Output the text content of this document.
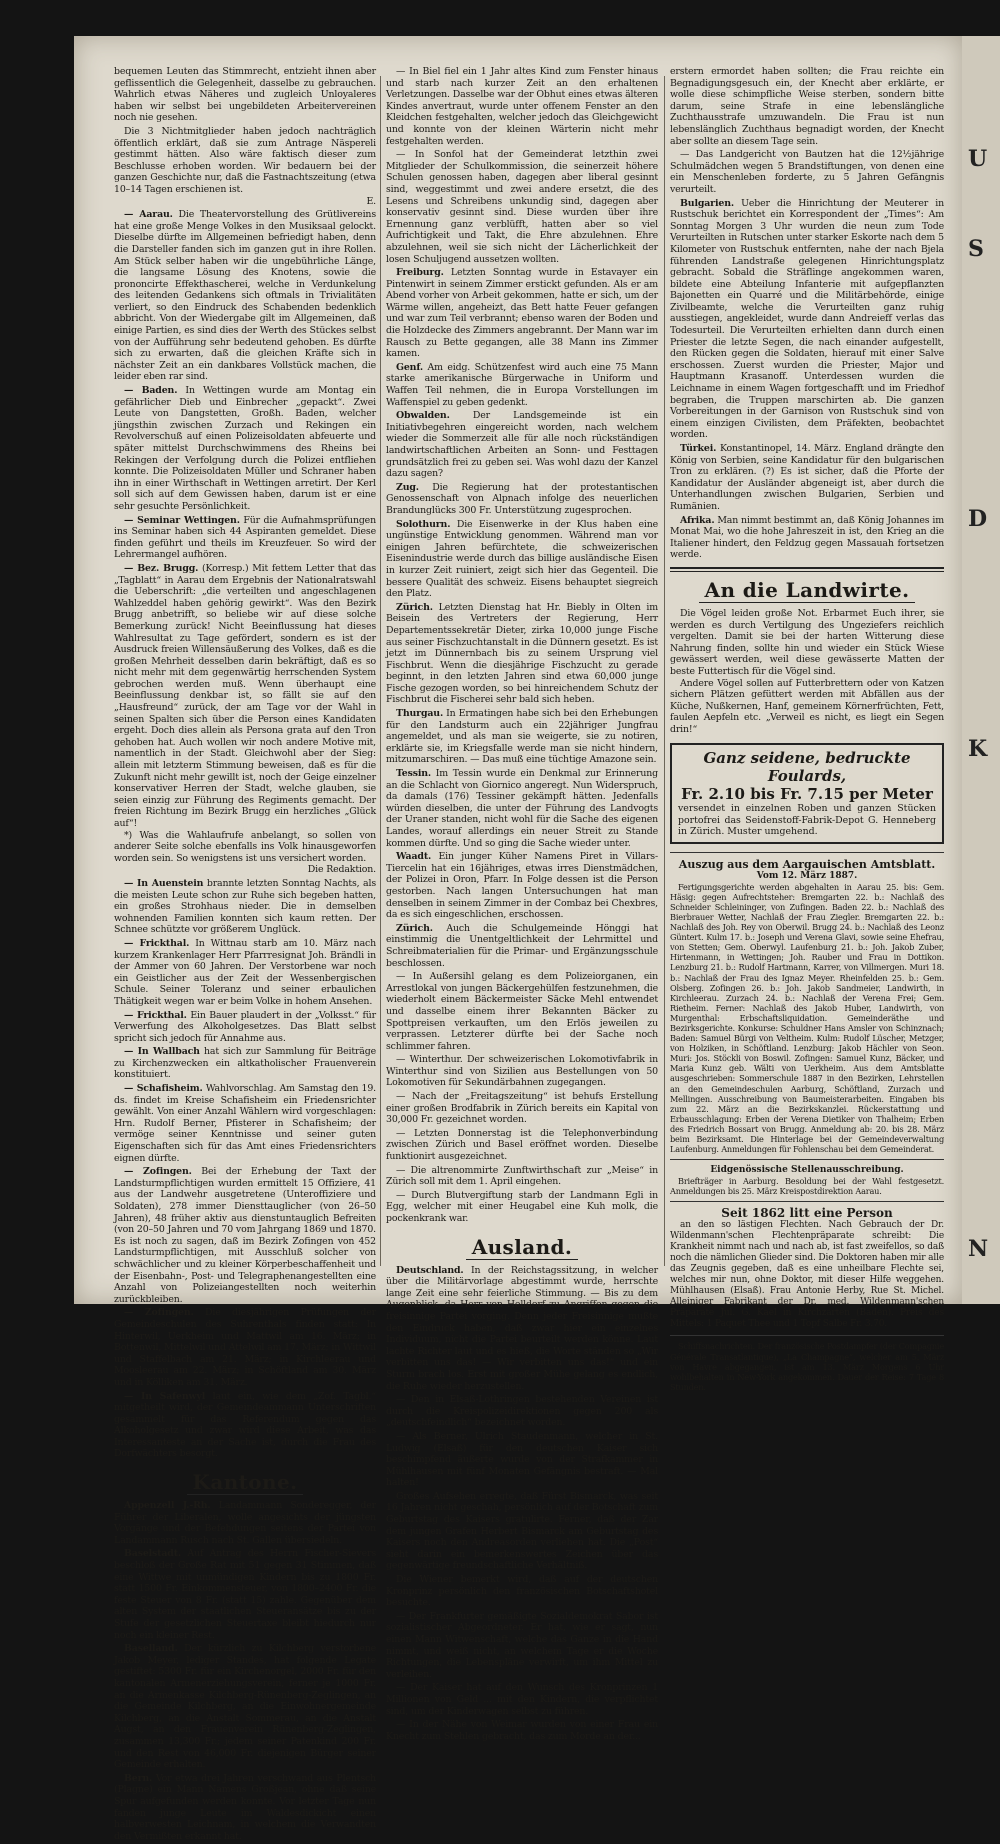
bequemen Leuten das Stimmrecht, entzieht ihnen aber geflissentlich die Gelegenheit, dasselbe zu gebrauchen. Wahrlich etwas Näheres und zugleich Unloyaleres haben wir selbst bei ungebildeten Arbeitervereinen noch nie gesehen.

Die 3 Nichtmitglieder haben jedoch nachträglich öffentlich erklärt, daß sie zum Antrage Näspereli gestimmt hätten. Also wäre faktisch dieser zum Beschlusse erhoben worden. Wir bedauern bei der ganzen Geschichte nur, daß die Fastnachtszeitung (etwa 10–14 Tagen erschienen ist.

E.

— Aarau. Die Theatervorstellung des Grütlivereins hat eine große Menge Volkes in den Musiksaal gelockt. Dieselbe dürfte im Allgemeinen befriedigt haben, denn die Darsteller fanden sich im ganzen gut in ihre Rollen. Am Stück selber haben wir die ungebührliche Länge, die langsame Lösung des Knotens, sowie die prononcirte Effekthascherei, welche in Verdunkelung des leitenden Gedankens sich oftmals in Trivialitäten verliert, so den Eindruck des Schabenden bedenklich abbricht. Von der Wiedergabe gilt im Allgemeinen, daß einige Partien, es sind dies der Werth des Stückes selbst von der Aufführung sehr bedeutend gehoben. Es dürfte sich zu erwarten, daß die gleichen Kräfte sich in nächster Zeit an ein dankbares Vollstück machen, die leider eben rar sind.

— Baden. In Wettingen wurde am Montag ein gefährlicher Dieb und Einbrecher „gepackt“. Zwei Leute von Dangstetten, Großh. Baden, welcher jüngsthin zwischen Zurzach und Rekingen ein Revolverschuß auf einen Polizeisoldaten abfeuerte und später mittelst Durchschwimmens des Rheins bei Rekingen der Verfolgung durch die Polizei entfliehen konnte. Die Polizeisoldaten Müller und Schraner haben ihn in einer Wirthschaft in Wettingen arretirt. Der Kerl soll sich auf dem Gewissen haben, darum ist er eine sehr gesuchte Persönlichkeit.

— Seminar Wettingen. Für die Aufnahmsprüfungen ins Seminar haben sich 44 Aspiranten gemeldet. Diese finden geführt und theils im Kreuzfeuer. So wird der Lehrermangel aufhören.

— Bez. Brugg. (Korresp.) Mit fettem Letter that das „Tagblatt“ in Aarau dem Ergebnis der Nationalratswahl die Ueberschrift: „die verteilten und angeschlagenen Wahlzeddel haben gehörig gewirkt“. Was den Bezirk Brugg anbetrifft, so beliebe wir auf diese solche Bemerkung zurück! Nicht Beeinflussung hat dieses Wahlresultat zu Tage gefördert, sondern es ist der Ausdruck freien Willensäußerung des Volkes, daß es die großen Mehrheit desselben darin bekräftigt, daß es so nicht mehr mit dem gegenwärtig herrschenden System gebrochen werden muß. Wenn überhaupt eine Beeinflussung denkbar ist, so fällt sie auf den „Hausfreund“ zurück, der am Tage vor der Wahl in seinen Spalten sich über die Person eines Kandidaten ergeht. Doch dies allein als Persona grata auf den Tron gehoben hat. Auch wollen wir noch andere Motive mit, namentlich in der Stadt. Gleichwohl aber der Sieg: allein mit letzterm Stimmung beweisen, daß es für die Zukunft nicht mehr gewillt ist, noch der Geige einzelner konservativer Herren der Stadt, welche glauben, sie seien einzig zur Führung des Regiments gemacht. Der freien Richtung im Bezirk Brugg ein herzliches „Glück auf“!

*) Was die Wahlaufrufe anbelangt, so sollen von anderer Seite solche ebenfalls ins Volk hinausgeworfen worden sein. So wenigstens ist uns versichert worden.

Die Redaktion.

— In Auenstein brannte letzten Sonntag Nachts, als die meisten Leute schon zur Ruhe sich begeben hatten, ein großes Strohhaus nieder. Die in demselben wohnenden Familien konnten sich kaum retten. Der Schnee schützte vor größerem Unglück.

— Frickthal. In Wittnau starb am 10. März nach kurzem Krankenlager Herr Pfarrresignat Joh. Brändli in der Ammer von 60 Jahren. Der Verstorbene war noch ein Geistlicher aus der Zeit der Wessenbergischen Schule. Seiner Toleranz und seiner erbaulichen Thätigkeit wegen war er beim Volke in hohem Ansehen.

— Frickthal. Ein Bauer plaudert in der „Volksst.“ für Verwerfung des Alkoholgesetzes. Das Blatt selbst spricht sich jedoch für Annahme aus.

— In Wallbach hat sich zur Sammlung für Beiträge zu Kirchenzwecken ein altkatholischer Frauenverein konstituiert.

— Schafisheim. Wahlvorschlag. Am Samstag den 19. ds. findet im Kreise Schafisheim ein Friedensrichter gewählt. Von einer Anzahl Wählern wird vorgeschlagen: Hrn. Rudolf Berner, Pfisterer in Schafisheim; der vermöge seiner Kenntnisse und seiner guten Eigenschaften sich für das Amt eines Friedensrichters eignen dürfte.

— Zofingen. Bei der Erhebung der Taxt der Landsturmpflichtigen wurden ermittelt 15 Offiziere, 41 aus der Landwehr ausgetretene (Unteroffiziere und Soldaten), 278 immer Diensttauglicher (von 26–50 Jahren), 48 früher aktiv aus dienstuntauglich Befreiten (von 20–50 Jahren und 70 vom Jahrgang 1869 und 1870. Es ist noch zu sagen, daß im Bezirk Zofingen von 452 Landsturmpflichtigen, mit Ausschluß solcher von schwächlicher und zu kleiner Körperbeschaffenheit und der Eisenbahn-, Post- und Telegraphenangestellten eine Anzahl von Polizeiangestellten noch weiterhin zurückbleiben.

— Zofingen. Die diesjährigen Prüfungen der Gemeindeschulen des Suhrenthals finden statt: In Hinterwil, Uerkheim und Mattwil am 16. März; in Bottenwil, Mittelwil und Attelwil am 17. März; in Wittwil und Staffelbach am 21. März; in Kirchleerau und Moosleerau am 22. März; in Schöftland am 30. März und in Kölliken am 31. März.

— In Safenwyl laut ein, wie dem „Zof. Tagbl.“ mitgetheilt wird, der Gemeindeammann Unterschriften gesammelt für das Referendum gegen das Alkoholgesetz und zwar wird diese Arbeit, was das Interessanteste an der Sache ist, durch die Frau des Dorfwächters besorgt.

Kantone.

Appenzell J.-Rh. Landammann Sonderegger, der Führer der Liberalen, wolle angesichts der jüngsten Vorgänge und der Befehdungen seitens der Partei von Landammann Rusch nach St. Gallen übersiedeln.

Baselstadt. Auf Antrag des Herrn Fischer-Sievers beschloß der Große Rat mit 51 gegen 31 Stimmen, daß eine Wittwe mit unmündigen Kindern bis zu 1800 Fr. statt 1500 Fr. Einkommensteuer, von 1800–2400 Fr. die feste Steuer von 8 Fr. (statt 15) zahle. Gegenüber dem alten System der staatlichen Steueransätze bis zu der Stufe der gesetzlichen Steuertaxe bleibt hiedurch nur noch ein kleiner Rest.

Baselland. Der kürzlich zu Kilchberg verstorbene Jakob Meyer, lediger Standes, hat folgende Legate gestiftet: 5300 Fr. für ein Kirchenorgel, 2000 Fr. für den kantonalen Armenerziehungsverein, ferner je 1000 Fr. an die Armenkasse Kilchberg-Rünenberg-Zeglingen, an die Gemeinde Kilchberg, an die Einwohnergemeinde Kilchberg, an die Anstalt Sommerau, an die Anstalt Augst, an den Frauenverein Rünenberg-Zeglingen, zusammen 13,300 Fr.; jedem seiner Patenkind 200 Fr. und den Rest von 46,000 Fr. diejenigen Bürger seiner Gemeinde erhalten.

Bern. Vor etwa drei Jahren verschwand aus Plentsch (Plagne) ein Mann Namens Großjean, ohne daß seine Spur aufgefunden werden konnte. Vor letzter Tage nun fanden junge Leute im Waldesdickicht einen halbverwesten Leichnam, in welchem die Verwandten den Vermißten erkannt hat.

— In Biel fiel ein 1 Jahr altes Kind zum Fenster hinaus und starb nach kurzer Zeit an den erhaltenen Verletzungen. Dasselbe war der Obhut eines etwas älteren Kindes anvertraut, wurde unter offenem Fenster an den Kleidchen festgehalten, welcher jedoch das Gleichgewicht und konnte von der kleinen Wärterin nicht mehr festgehalten werden.

— In Sonfol hat der Gemeinderat letzthin zwei Mitglieder der Schulkommission, die seinerzeit höhere Schulen genossen haben, dagegen aber liberal gesinnt sind, weggestimmt und zwei andere ersetzt, die des Lesens und Schreibens unkundig sind, dagegen aber konservativ gesinnt sind. Diese wurden über ihre Ernennung ganz verblüfft, hatten aber so viel Aufrichtigkeit und Takt, die Ehre abzulehnen. Ehre abzulehnen, weil sie sich nicht der Lächerlichkeit der losen Schuljugend aussetzen wollten.

Freiburg. Letzten Sonntag wurde in Estavayer ein Pintenwirt in seinem Zimmer erstickt gefunden. Als er am Abend vorher von Arbeit gekommen, hatte er sich, um der Wärme willen, angeheizt, das Bett hatte Feuer gefangen und war zum Teil verbrannt; ebenso waren der Boden und die Holzdecke des Zimmers angebrannt. Der Mann war im Rausch zu Bette gegangen, alle 38 Mann ins Zimmer kamen.

Genf. Am eidg. Schützenfest wird auch eine 75 Mann starke amerikanische Bürgerwache in Uniform und Waffen Teil nehmen, die in Europa Vorstellungen im Waffenspiel zu geben gedenkt.

Obwalden. Der Landsgemeinde ist ein Initiativbegehren eingereicht worden, nach welchem wieder die Sommerzeit alle für alle noch rückständigen landwirtschaftlichen Arbeiten an Sonn- und Festtagen grundsätzlich frei zu geben sei. Was wohl dazu der Kanzel dazu sagen?

Zug. Die Regierung hat der protestantischen Genossenschaft von Alpnach infolge des neuerlichen Brandunglücks 300 Fr. Unterstützung zugesprochen.

Solothurn. Die Eisenwerke in der Klus haben eine ungünstige Entwicklung genommen. Während man vor einigen Jahren befürchtete, die schweizerischen Eisenindustrie werde durch das billige ausländische Eisen in kurzer Zeit ruiniert, zeigt sich hier das Gegenteil. Die bessere Qualität des schweiz. Eisens behauptet siegreich den Platz.

Zürich. Letzten Dienstag hat Hr. Biebly in Olten im Beisein des Vertreters der Regierung, Herr Departementssekretär Dieter, zirka 10,000 junge Fische aus seiner Fischzuchtanstalt in die Dünnern gesetzt. Es ist jetzt im Dünnernbach bis zu seinem Ursprung viel Fischbrut. Wenn die diesjährige Fischzucht zu gerade beginnt, in den letzten Jahren sind etwa 60,000 junge Fische gezogen worden, so bei hinreichendem Schutz der Fischbrut die Fischerei sehr bald sich heben.

Thurgau. In Ermatingen habe sich bei den Erhebungen für den Landsturm auch ein 22jähriger Jungfrau angemeldet, und als man sie weigerte, sie zu notiren, erklärte sie, im Kriegsfalle werde man sie nicht hindern, mitzumarschiren. — Das muß eine tüchtige Amazone sein.

Tessin. Im Tessin wurde ein Denkmal zur Erinnerung an die Schlacht von Giornico angeregt. Nun Widerspruch, da damals (176) Tessiner gekämpft hätten. Jedenfalls würden dieselben, die unter der Führung des Landvogts der Uraner standen, nicht wohl für die Sache des eigenen Landes, worauf allerdings ein neuer Streit zu Stande kommen dürfte. Und so ging die Sache wieder unter.

Waadt. Ein junger Küher Namens Piret in Villars-Tiercelin hat ein 16jähriges, etwas irres Dienstmädchen, der Polizei in Oron, Pfarr. In Folge dessen ist die Person gestorben. Nach langen Untersuchungen hat man denselben in seinem Zimmer in der Combaz bei Chexbres, da es sich eingeschlichen, erschossen.

Zürich. Auch die Schulgemeinde Hönggi hat einstimmig die Unentgeltlichkeit der Lehrmittel und Schreibmaterialien für die Primar- und Ergänzungsschule beschlossen.

— In Außersihl gelang es dem Polizeiorganen, ein Arrestlokal von jungen Bäckergehülfen festzunehmen, die wiederholt einem Bäckermeister Säcke Mehl entwendet und dasselbe einem ihrer Bekannten Bäcker zu Spottpreisen verkauften, um den Erlös jeweilen zu verprassen. Letzterer dürfte bei der Sache noch schlimmer fahren.

— Winterthur. Der schweizerischen Lokomotivfabrik in Winterthur sind von Sizilien aus Bestellungen von 50 Lokomotiven für Sekundärbahnen zugegangen.

— Nach der „Freitagszeitung“ ist behufs Erstellung einer großen Brodfabrik in Zürich bereits ein Kapital von 30,000 Fr. gezeichnet worden.

— Letzten Donnerstag ist die Telephonverbindung zwischen Zürich und Basel eröffnet worden. Dieselbe funktionirt ausgezeichnet.

— Die altrenommirte Zunftwirthschaft zur „Meise“ in Zürich soll mit dem 1. April eingehen.

— Durch Blutvergiftung starb der Landmann Egli in Egg, welcher mit einer Heugabel eine Kuh molk, die pockenkrank war.

Ausland.

Deutschland. In der Reichstagssitzung, in welcher über die Militärvorlage abgestimmt wurde, herrschte lange Zeit eine sehr feierliche Stimmung. — Bis zu dem Augenblick, da Herr von Helldorf zu Angriffen gegen die freisinnige Partei vorging. Denn jeder Freisinnige mußte den Eindruck haben, daß zwar hier ein einzelnes Individuum, nicht die Partei beurteilt werden könne. Laut lachte Richter laut und es hieß, die Worte ständen so „Wir verbitten uns das! — Wir verbitten uns das!“ und ein Sturm brach los. Erst mit großer Mühe gelang es endlich, die Ruhe wieder herzustellen.

— Den in Elsaß-Lothringen bestehenden Vereinen ist durch die Kreispolizeidirektionen gegen 200 als „deutschfeindlich“ bezeichnet worden.

— Als Berner, Ulrich Staudenmann, welcher in St. Ludwig (Elsaß) für den deutschen Kaiser sich beschimpfend äußerte wurde von der Strafkammer in Mühlhausen mit fünf Monaten Gefängnis bestraft. — Mal halten!

Großes Aufsehen erregte, daß Fürst Bismarck, was seit 16 Jahren nicht geschah, persönlich auf der Botschaft zum Geburtstag des Kaisers gratulirte. Ferner, daß der Zar dem jungen Grafen Herbert Bismarck am Geburtstag des Kaisers noch den Andreasorden verliehen hat. Die „Post“ sieht darin ein bemerkenswertes Zeichen über das gegenwärtige freundschaftliche Verhältniß.

Die Wiener bemerkt wird, daß auf der deutschen Kronprinz persönlich den französischen Botschaftshotel besuchte.

— Der Frankfurter gemäßigte Sozialdemokrat Sabor ist sozialistischer Abgeordneter. Er hat, wie er sagt, nun einen Mann Witwenschaft, welche das Ganze in die Hand nimmt, und weiß nicht, an welchem Tage er die Woche Richtungen, die Lebenspläne verwirft, um ihm Mittel zu verleihen.

— Der Kaiser hat auf den Wunsch des Kronprinzen 1 Millionen von Geld ... mit den Kindern, die verpflichtet sind, um der Kinderwagen selbst zu führen.

— In der Nähe von Weimar wurden von einer Frau ein Knecht zum Stehlen gebracht, das zum Morde an der...

erstern ermordet haben sollten; die Frau reichte ein Begnadigungsgesuch ein, der Knecht aber erklärte, er wolle diese schimpfliche Weise sterben, sondern bitte darum, seine Strafe in eine lebenslängliche Zuchthausstrafe umzuwandeln. Die Frau ist nun lebenslänglich Zuchthaus begnadigt worden, der Knecht aber sollte an diesem Tage sein.

— Das Landgericht von Bautzen hat die 12½jährige Schulmädchen wegen 5 Brandstiftungen, von denen eine ein Menschenleben forderte, zu 5 Jahren Gefängnis verurteilt.

Bulgarien. Ueber die Hinrichtung der Meuterer in Rustschuk berichtet ein Korrespondent der „Times“: Am Sonntag Morgen 3 Uhr wurden die neun zum Tode Verurteilten in Rutschen unter starker Eskorte nach dem 5 Kilometer von Rustschuk entfernten, nahe der nach Bjela führenden Landstraße gelegenen Hinrichtungsplatz gebracht. Sobald die Sträflinge angekommen waren, bildete eine Abteilung Infanterie mit aufgepflanzten Bajonetten ein Quarré und die Militärbehörde, einige Zivilbeamte, welche die Verurteilten ganz ruhig ausstiegen, angekleidet, wurde dann Andreieff verlas das Todesurteil. Die Verurteilten erhielten dann durch einen Priester die letzte Segen, die nach einander aufgestellt, den Rücken gegen die Soldaten, hierauf mit einer Salve erschossen. Zuerst wurden die Priester, Major und Hauptmann Krasanoff. Unterdessen wurden die Leichname in einem Wagen fortgeschafft und im Friedhof begraben, die Truppen marschirten ab. Die ganzen Vorbereitungen in der Garnison von Rustschuk sind von einem einzigen Civilisten, dem Präfekten, beobachtet worden.

Türkei. Konstantinopel, 14. März. England drängte den König von Serbien, seine Kandidatur für den bulgarischen Tron zu erklären. (?) Es ist sicher, daß die Pforte der Kandidatur der Ausländer abgeneigt ist, aber durch die Unterhandlungen zwischen Bulgarien, Serbien und Rumänien.

Afrika. Man nimmt bestimmt an, daß König Johannes im Monat Mai, wo die hohe Jahreszeit in ist, den Krieg an die Italiener hindert, den Feldzug gegen Massauah fortsetzen werde.

An die Landwirte.

Die Vögel leiden große Not. Erbarmet Euch ihrer, sie werden es durch Vertilgung des Ungeziefers reichlich vergelten. Damit sie bei der harten Witterung diese Nahrung finden, sollte hin und wieder ein Stück Wiese gewässert werden, weil diese gewässerte Matten der beste Futtertisch für die Vögel sind.

Andere Vögel sollen auf Futterbrettern oder von Katzen sichern Plätzen gefüttert werden mit Abfällen aus der Küche, Nußkernen, Hanf, gemeinem Körnerfrüchten, Fett, faulen Aepfeln etc. „Verweil es nicht, es liegt ein Segen drin!“

Ganz seidene, bedruckte Foulards,
Fr. 2.10 bis Fr. 7.15 per Meter
versendet in einzelnen Roben und ganzen Stücken portofrei das Seidenstoff-Fabrik-Depot G. Henneberg in Zürich. Muster umgehend.
Auszug aus dem Aargauischen Amtsblatt.
Vom 12. März 1887.

Fertigungsgerichte werden abgehalten in Aarau 25. bis: Gem. Häsig: gegen Aufrechtsteher: Bremgarten 22. b.: Nachlaß des Schneider Schleininger, von Zufingen. Baden 22. b.: Nachlaß des Bierbrauer Wetter, Nachlaß der Frau Ziegler. Bremgarten 22. b.: Nachlaß des Joh. Rey von Oberwil. Brugg 24. b.: Nachlaß des Leonz Güntert. Kulm 17. b.: Joseph und Verena Glavi, sowie seine Ehefrau, von Stetten; Gem. Oberwyl. Laufenburg 21. b.: Joh. Jakob Zuber, Hirtenmann, in Wettingen; Joh. Rauber und Frau in Dottikon. Lenzburg 21. b.: Rudolf Hartmann, Karrer, von Villmergen. Muri 18. b.: Nachlaß der Frau des Ignaz Meyer. Rheinfelden 25. b.: Gem. Olsberg. Zofingen 26. b.: Joh. Jakob Sandmeier, Landwirth, in Kirchleerau. Zurzach 24. b.: Nachlaß der Verena Frei; Gem. Rietheim. Ferner: Nachlaß des Jakob Huber, Landwirth, von Murgenthal: Erbschaftsliquidation. Gemeinderäthe und Bezirksgerichte. Konkurse: Schuldner Hans Amsler von Schinznach; Baden: Samuel Bürgi von Veltheim. Kulm: Rudolf Lüscher, Metzger, von Holziken, in Schöftland. Lenzburg: Jakob Hächler von Seon. Muri: Jos. Stöckli von Boswil. Zofingen: Samuel Kunz, Bäcker, und Maria Kunz geb. Wälti von Uerkheim. Aus dem Amtsblatte ausgeschrieben: Sommerschule 1887 in den Bezirken, Lehrstellen an den Gemeindeschulen Aarburg, Schöftland, Zurzach und Mellingen. Ausschreibung von Baumeisterarbeiten. Eingaben bis zum 22. März an die Bezirkskanzlei. Rückerstattung und Erbausschlagung: Erben der Verena Dietiker von Thalheim; Erben des Friedrich Bossart von Brugg. Anmeldung ab: 20. bis 28. März beim Bezirksamt. Die Hinterlage bei der Gemeindeverwaltung Laufenburg. Anmeldungen für Fohlenschau bei dem Gemeinderat.

Eidgenössische Stellenausschreibung.

Briefträger in Aarburg. Besoldung bei der Wahl festgesetzt. Anmeldungen bis 25. März Kreispostdirektion Aarau.

Seit 1862 litt eine Person

an den so lästigen Flechten. Nach Gebrauch der Dr. Wildenmann'schen Flechtenpräparate schreibt: Die Krankheit nimmt nach und nach ab, ist fast zweifellos, so daß noch die nämlichen Glieder sind. Die Doktoren haben mir alle das Zeugnis gegeben, daß es eine unheilbare Flechte sei, welches mir nun, ohne Doktor, mit dieser Hilfe weggehen. Mühlhausen (Elsaß). Frau Antonie Herby, Rue St. Michel. Alleiniger Fabrikant der Dr. med. Wildenmann'schen Präparate Jul. G. Kael in Kirchzarten (Baden). Preis des Mittels: 1 Paquet Thee und 1 Topf Salbe Fr. 3.70.

Schiffsnachrichten. Der französische Postdampfer (der Compagnie Générale Transatlantique), „La Champagne“, welcher am 5. März von Havre abgegangen, ist am 13. März Morgens 6 Uhr wohlbehalten in New-York angekommen. Dauer der Reise: 7 Tage 8 Stunden.

U
S
D
K
N
